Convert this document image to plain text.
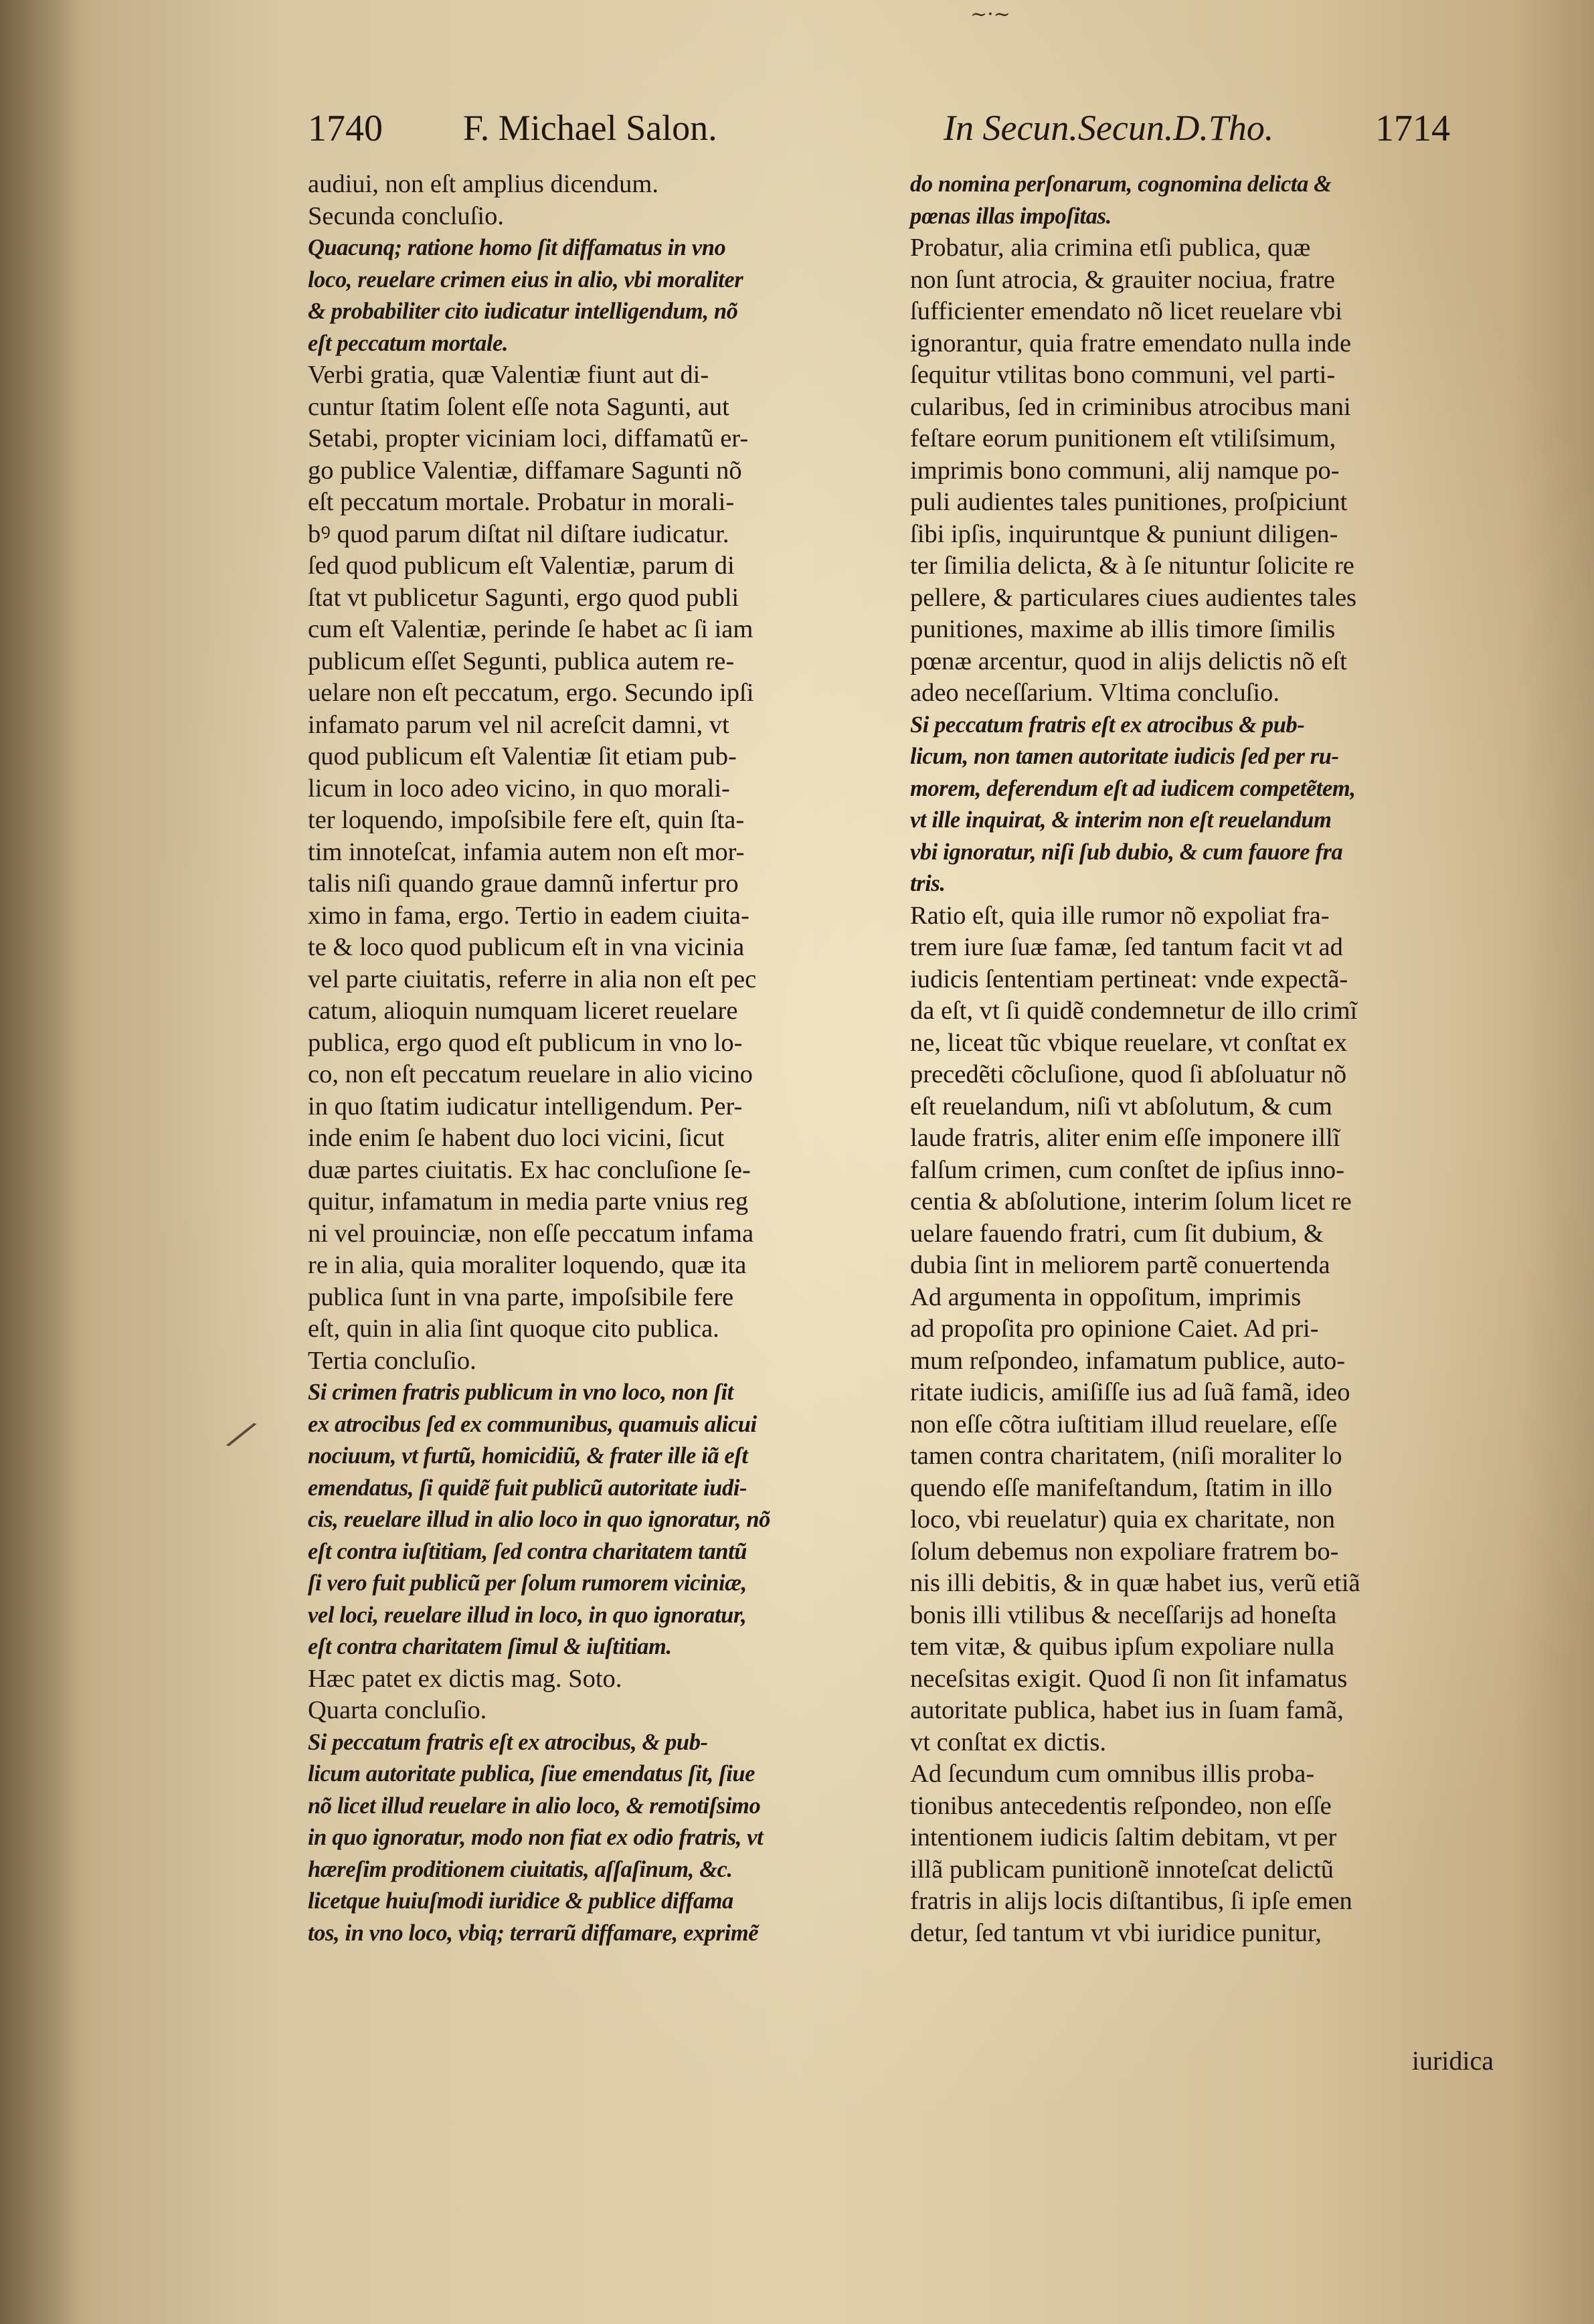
~·~
1740 F. Michael Salon.	In Secun.Secun.D.Tho.	1714
audiui, non eſt amplius dicendum.
Secunda concluſio.
Quacunq; ratione homo ſit diffamatus in vno
loco, reuelare crimen eius in alio, vbi moraliter
& probabiliter cito iudicatur intelligendum, nõ
eſt peccatum mortale.
Verbi gratia, quæ Valentiæ fiunt aut di-
cuntur ſtatim ſolent eſſe nota Sagunti, aut
Setabi, propter viciniam loci, diffamatũ er-
go publice Valentiæ, diffamare Sagunti nõ
eſt peccatum mortale. Probatur in morali-
bꝰ quod parum diſtat nil diſtare iudicatur.
ſed quod publicum eſt Valentiæ, parum di
ſtat vt publicetur Sagunti, ergo quod publi
cum eſt Valentiæ, perinde ſe habet ac ſi iam
publicum eſſet Segunti, publica autem re-
uelare non eſt peccatum, ergo. Secundo ipſi
infamato parum vel nil acreſcit damni, vt
quod publicum eſt Valentiæ ſit etiam pub-
licum in loco adeo vicino, in quo morali-
ter loquendo, impoſsibile fere eſt, quin ſta-
tim innoteſcat, infamia autem non eſt mor-
talis niſi quando graue damnũ infertur pro
ximo in fama, ergo. Tertio in eadem ciuita-
te & loco quod publicum eſt in vna vicinia
vel parte ciuitatis, referre in alia non eſt pec
catum, alioquin numquam liceret reuelare
publica, ergo quod eſt publicum in vno lo-
co, non eſt peccatum reuelare in alio vicino
in quo ſtatim iudicatur intelligendum. Per-
inde enim ſe habent duo loci vicini, ſicut
duæ partes ciuitatis. Ex hac concluſione ſe-
quitur, infamatum in media parte vnius reg
ni vel prouinciæ, non eſſe peccatum infama
re in alia, quia moraliter loquendo, quæ ita
publica ſunt in vna parte, impoſsibile fere
eſt, quin in alia ſint quoque cito publica.
Tertia concluſio.
Si crimen fratris publicum in vno loco, non ſit
ex atrocibus ſed ex communibus, quamuis alicui
nociuum, vt furtũ, homicidiũ, & frater ille iã eſt
emendatus, ſi quidẽ fuit publicũ autoritate iudi-
cis, reuelare illud in alio loco in quo ignoratur, nõ
eſt contra iuſtitiam, ſed contra charitatem tantũ
ſi vero fuit publicũ per ſolum rumorem viciniæ,
vel loci, reuelare illud in loco, in quo ignoratur,
eſt contra charitatem ſimul & iuſtitiam.
Hæc patet ex dictis mag. Soto.
Quarta concluſio.
Si peccatum fratris eſt ex atrocibus, & pub-
licum autoritate publica, ſiue emendatus ſit, ſiue
nõ licet illud reuelare in alio loco, & remotiſsimo
in quo ignoratur, modo non fiat ex odio fratris, vt
hæreſim proditionem ciuitatis, aſſaſinum, &c.
licetque huiuſmodi iuridice & publice diffama
tos, in vno loco, vbiq; terrarũ diffamare, exprimẽ
do nomina perſonarum, cognomina delicta &
pœnas illas impoſitas.
Probatur, alia crimina etſi publica, quæ
non ſunt atrocia, & grauiter nociua, fratre
ſufficienter emendato nõ licet reuelare vbi
ignorantur, quia fratre emendato nulla inde
ſequitur vtilitas bono communi, vel parti-
cularibus, ſed in criminibus atrocibus mani
feſtare eorum punitionem eſt vtiliſsimum,
imprimis bono communi, alij namque po-
puli audientes tales punitiones, proſpiciunt
ſibi ipſis, inquiruntque & puniunt diligen-
ter ſimilia delicta, & à ſe nituntur ſolicite re
pellere, & particulares ciues audientes tales
punitiones, maxime ab illis timore ſimilis
pœnæ arcentur, quod in alijs delictis nõ eſt
adeo neceſſarium. Vltima concluſio.
Si peccatum fratris eſt ex atrocibus & pub-
licum, non tamen autoritate iudicis ſed per ru-
morem, deferendum eſt ad iudicem competẽtem,
vt ille inquirat, & interim non eſt reuelandum
vbi ignoratur, niſi ſub dubio, & cum fauore fra
tris.
Ratio eſt, quia ille rumor nõ expoliat fra-
trem iure ſuæ famæ, ſed tantum facit vt ad
iudicis ſententiam pertineat: vnde expectã-
da eſt, vt ſi quidẽ condemnetur de illo crimĩ
ne, liceat tũc vbique reuelare, vt conſtat ex
precedẽti cõcluſione, quod ſi abſoluatur nõ
eſt reuelandum, niſi vt abſolutum, & cum
laude fratris, aliter enim eſſe imponere illĩ
falſum crimen, cum conſtet de ipſius inno-
centia & abſolutione, interim ſolum licet re
uelare fauendo fratri, cum ſit dubium, &
dubia ſint in meliorem partẽ conuertenda
Ad argumenta in oppoſitum, imprimis
ad propoſita pro opinione Caiet. Ad pri-
mum reſpondeo, infamatum publice, auto-
ritate iudicis, amiſiſſe ius ad ſuã famã, ideo
non eſſe cõtra iuſtitiam illud reuelare, eſſe
tamen contra charitatem, (niſi moraliter lo
quendo eſſe manifeſtandum, ſtatim in illo
loco, vbi reuelatur) quia ex charitate, non
ſolum debemus non expoliare fratrem bo-
nis illi debitis, & in quæ habet ius, verũ etiã
bonis illi vtilibus & neceſſarijs ad honeſta
tem vitæ, & quibus ipſum expoliare nulla
neceſsitas exigit. Quod ſi non ſit infamatus
autoritate publica, habet ius in ſuam famã,
vt conſtat ex dictis.
Ad ſecundum cum omnibus illis proba-
tionibus antecedentis reſpondeo, non eſſe
intentionem iudicis ſaltim debitam, vt per
illã publicam punitionẽ innoteſcat delictũ
fratris in alijs locis diſtantibus, ſi ipſe emen
detur, ſed tantum vt vbi iuridice punitur,
⁄
iuridica
